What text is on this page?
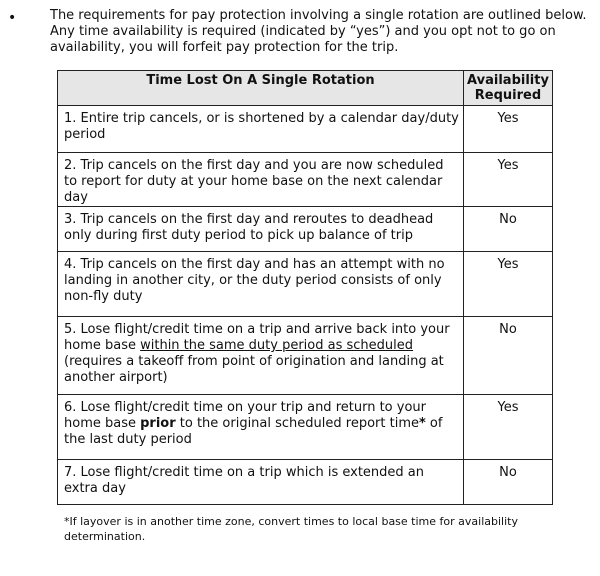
•	The requirements for pay protection involving a single rotation are outlined below. Any time availability is required (indicated by “yes”) and you opt not to go on availability, you will forfeit pay protection for the trip.

Time Lost On A Single Rotation	Availability Required
1. Entire trip cancels, or is shortened by a calendar day/duty period	Yes
2. Trip cancels on the first day and you are now scheduled to report for duty at your home base on the next calendar day	Yes
3. Trip cancels on the first day and reroutes to deadhead only during first duty period to pick up balance of trip	No
4. Trip cancels on the first day and has an attempt with no landing in another city, or the duty period consists of only non-fly duty	Yes
5. Lose flight/credit time on a trip and arrive back into your home base within the same duty period as scheduled (requires a takeoff from point of origination and landing at another airport)	No
6. Lose flight/credit time on your trip and return to your home base prior to the original scheduled report time* of the last duty period	Yes
7. Lose flight/credit time on a trip which is extended an extra day	No

*If layover is in another time zone, convert times to local base time for availability determination.
